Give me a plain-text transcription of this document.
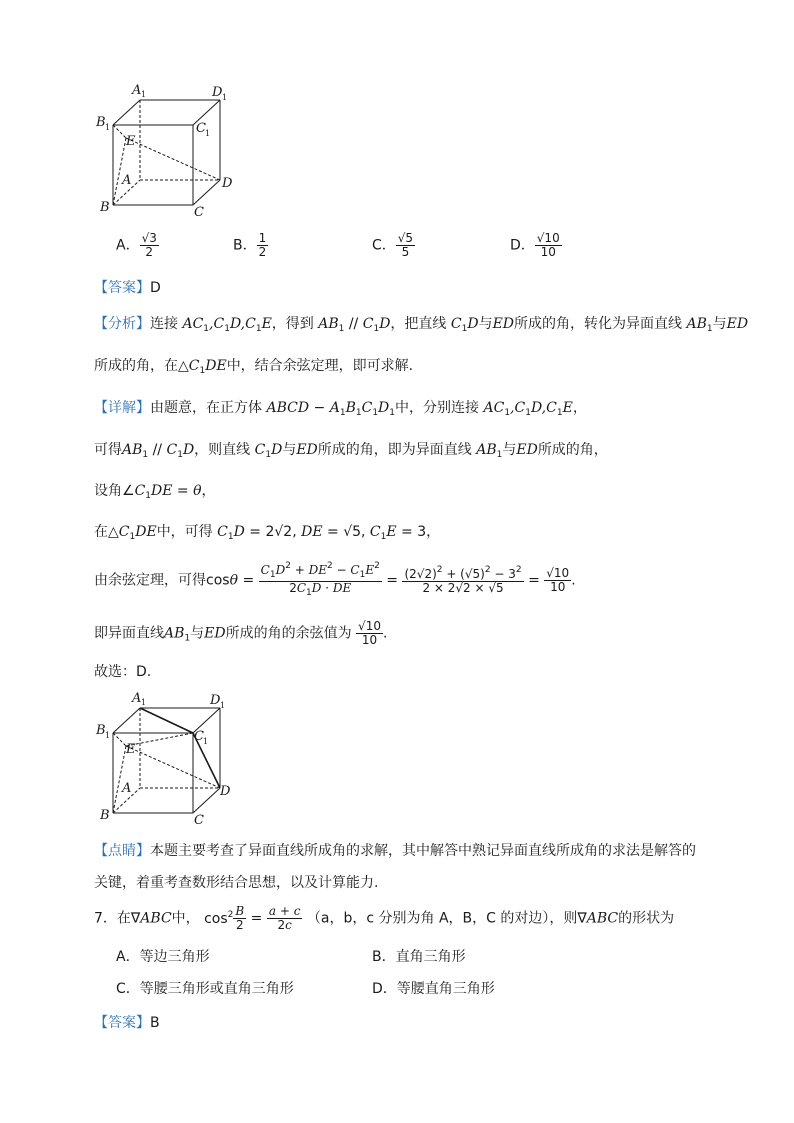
A 1	D 1
B 1	C 1
E
A	D
B	C
A． $\frac{√3}{2}$	B． $\frac{1}{2}$	C． $\frac{√5}{5}$	D． $\frac{√10}{10}$
【答案】D
【分析】连接 $AC_1,C_1D,C_1E$，得到 $AB_1 // C_1D$，把直线 $C_1D$与ED所成的角，转化为异面直线 $AB_1$与ED
所成的角，在$\triangle C_1DE$中，结合余弦定理，即可求解.
【详解】由题意，在正方体 ABCD − $A_1B_1C_1D_1$中，分别连接 $AC_1,C_1D,C_1E$，
可得$AB_1 // C_1D$，则直线 $C_1D$与ED所成的角，即为异面直线 $AB_1$与ED所成的角，
设角$\angle C_1DE = \theta$，
在$\triangle C_1DE$中，可得 $C_1D = 2√2$, DE = √5, $C_1E = 3$，
由余弦定理，可得$\cos\theta = \frac{C_1D^2 + DE^2 - C_1E^2}{2C_1D \cdot DE} = \frac{(2√2)^2 + (√5)^2 - 3^2}{2 \times 2√2 \times √5} = \frac{√10}{10}$ .
即异面直线$AB_1$与ED所成的角的余弦值为 $\frac{√10}{10}$ .
故选：D.
A 1	D 1
B 1	C 1
E
A	D
B	C
【点睛】本题主要考查了异面直线所成角的求解，其中解答中熟记异面直线所成角的求法是解答的
关键，着重考查数形结合思想，以及计算能力.
7．在∇ABC中， $\cos^2 \frac{B}{2} = \frac{a + c}{2c} (a$，b，c 分别为角 A，B，C 的对边），则∇ABC的形状为
A．等边三角形	B．直角三角形
C．等腰三角形或直角三角形	D．等腰直角三角形
【答案】B
